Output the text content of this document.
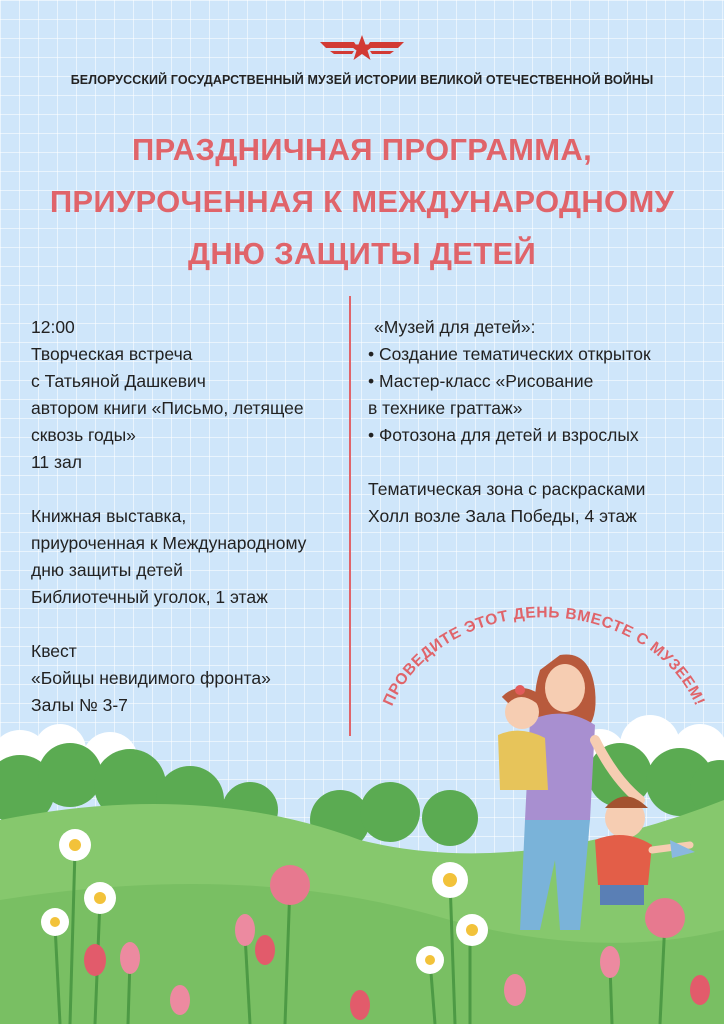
БЕЛОРУССКИЙ ГОСУДАРСТВЕННЫЙ МУЗЕЙ ИСТОРИИ ВЕЛИКОЙ ОТЕЧЕСТВЕННОЙ ВОЙНЫ
ПРАЗДНИЧНАЯ ПРОГРАММА,
ПРИУРОЧЕННАЯ К МЕЖДУНАРОДНОМУ
ДНЮ ЗАЩИТЫ ДЕТЕЙ
12:00
Творческая встреча
с Татьяной Дашкевич
автором книги «Письмо, летящее
сквозь годы»
11 зал
Книжная выставка,
приуроченная к Международному
дню защиты детей
Библиотечный уголок, 1 этаж
Квест
«Бойцы невидимого фронта»
Залы № 3-7
«Музей для детей»:
• Создание тематических открыток
• Мастер-класс «Рисование
в технике граттаж»
• Фотозона для детей и взрослых
Тематическая зона с раскрасками
Холл возле Зала Победы, 4 этаж
ПРОВЕДИТЕ ЭТОТ ДЕНЬ ВМЕСТЕ С МУЗЕЕМ!
